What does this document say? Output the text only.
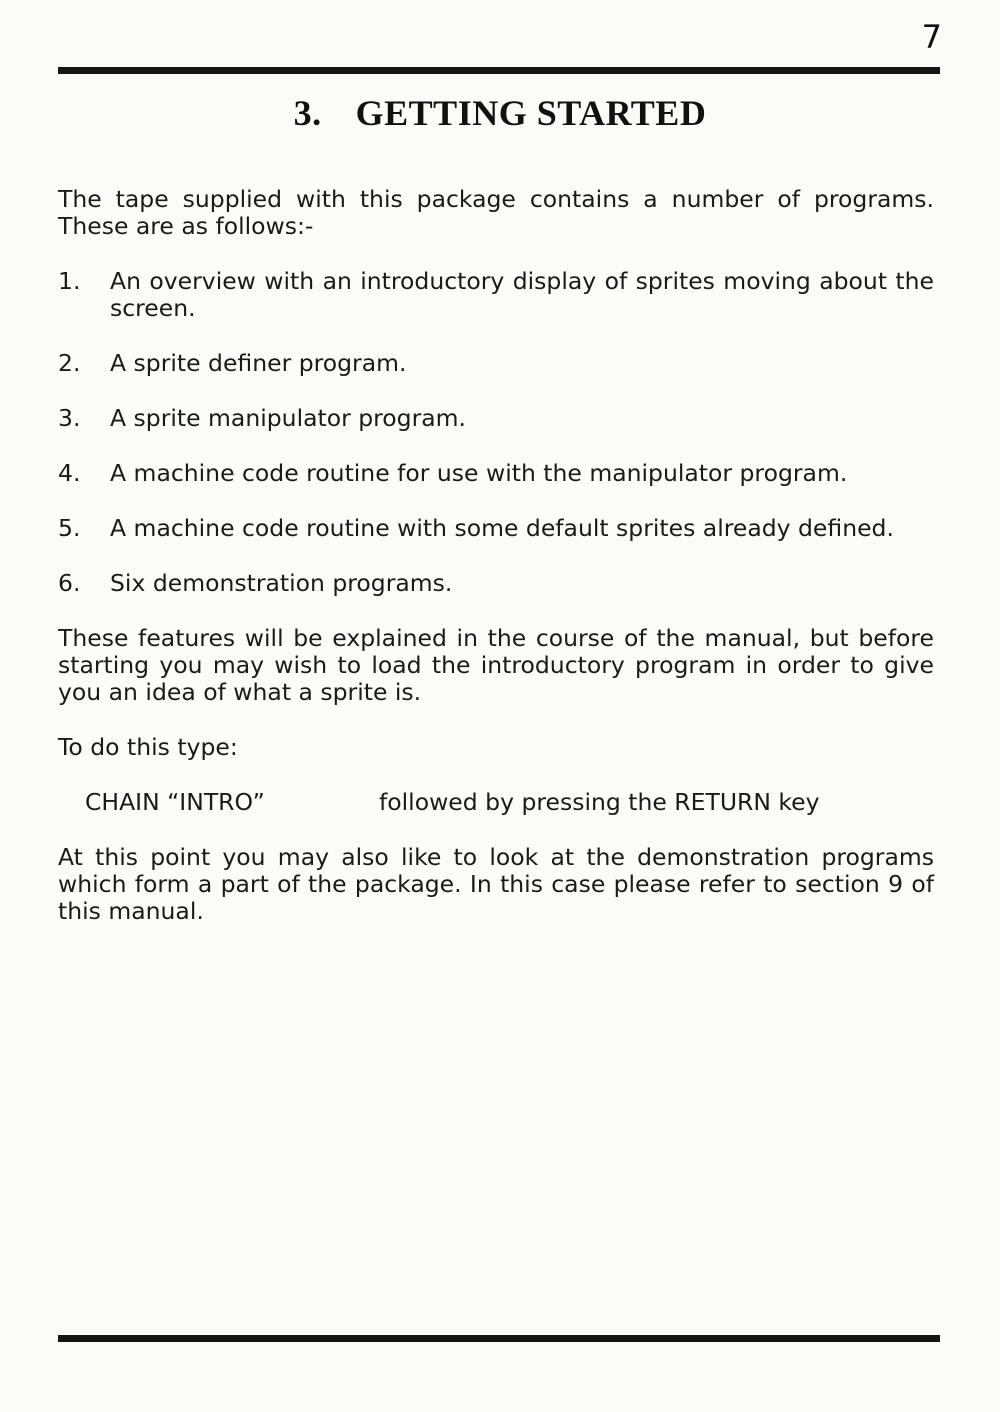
7
3. GETTING STARTED

The tape supplied with this package contains a number of programs. These are as follows:-

1.	An overview with an introductory display of sprites moving about the screen.
2.	A sprite definer program.
3.	A sprite manipulator program.
4.	A machine code routine for use with the manipulator program.
5.	A machine code routine with some default sprites already defined.
6.	Six demonstration programs.

These features will be explained in the course of the manual, but before starting you may wish to load the introductory program in order to give you an idea of what a sprite is.

To do this type:

CHAIN “INTRO”	followed by pressing the RETURN key

At this point you may also like to look at the demonstration programs which form a part of the package. In this case please refer to section 9 of this manual.
